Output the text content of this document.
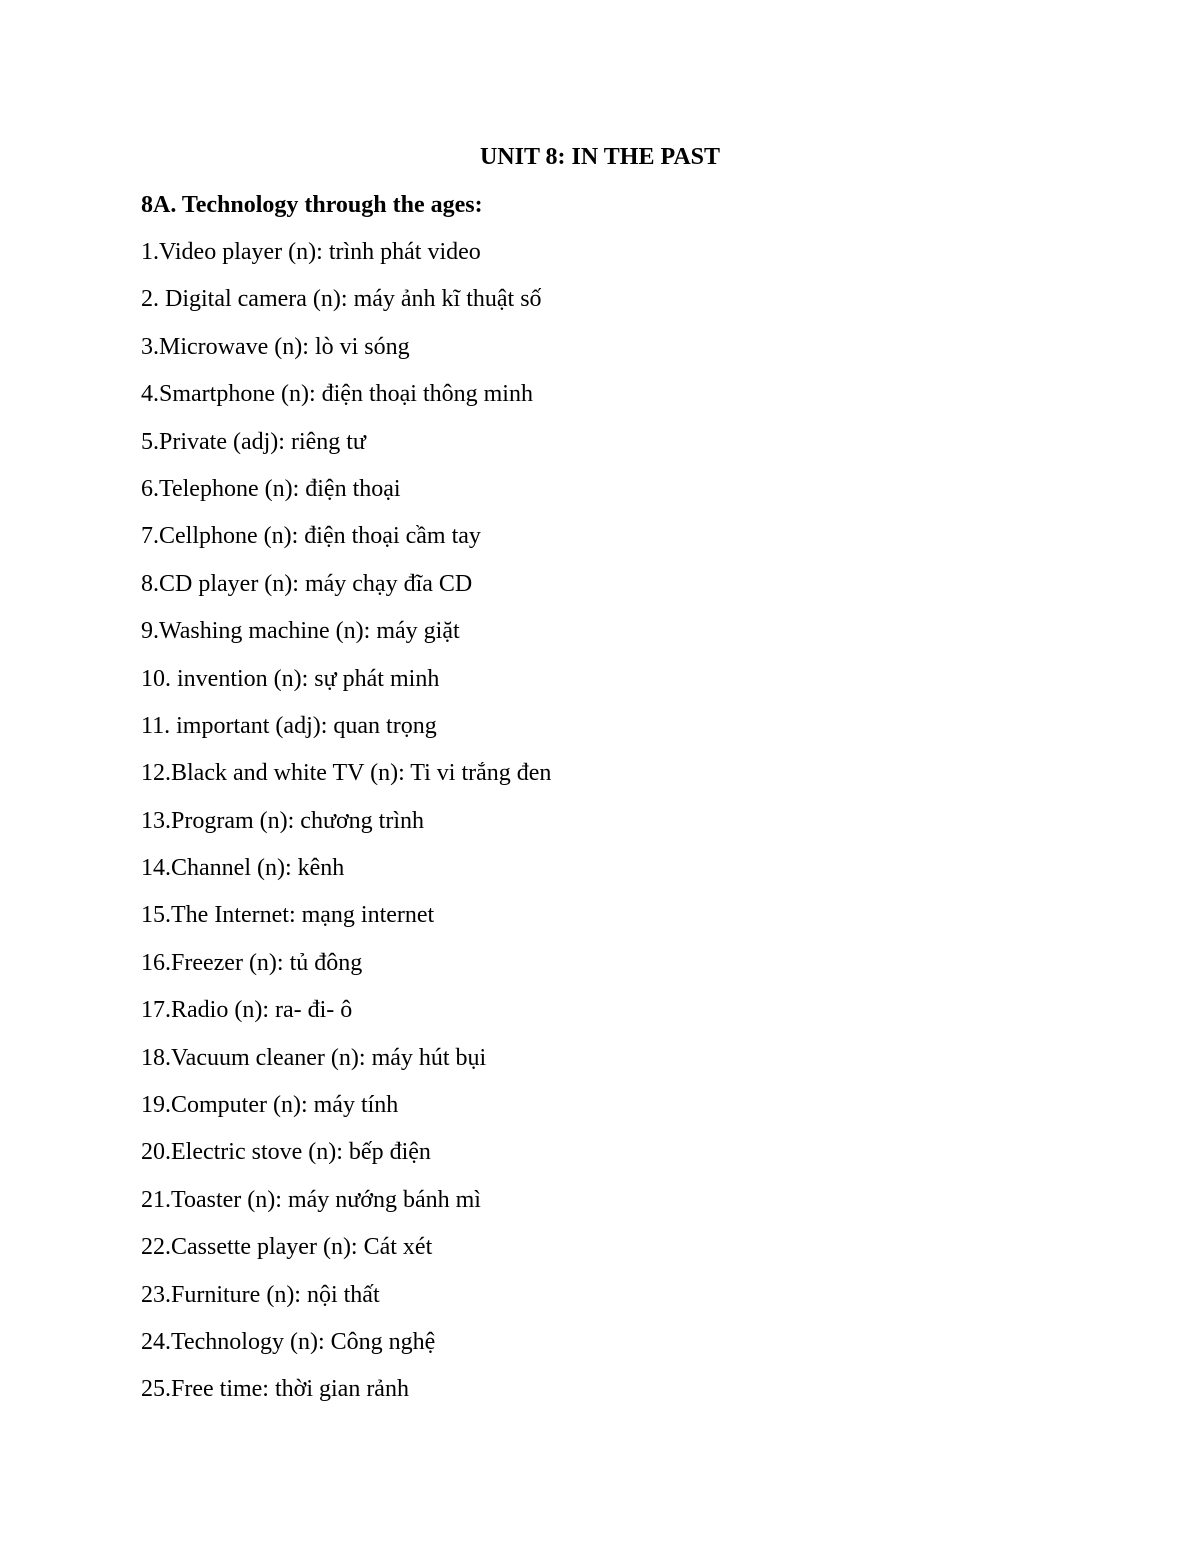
UNIT 8: IN THE PAST
8A. Technology through the ages:
1.Video player (n): trình phát video
2. Digital camera (n): máy ảnh kĩ thuật số
3.Microwave (n): lò vi sóng
4.Smartphone (n): điện thoại thông minh
5.Private (adj): riêng tư
6.Telephone (n): điện thoại
7.Cellphone (n): điện thoại cầm tay
8.CD player (n): máy chạy đĩa CD
9.Washing machine (n): máy giặt
10. invention (n): sự phát minh
11. important (adj): quan trọng
12.Black and white TV (n): Ti vi trắng đen
13.Program (n): chương trình
14.Channel (n): kênh
15.The Internet: mạng internet
16.Freezer (n): tủ đông
17.Radio (n): ra- đi- ô
18.Vacuum cleaner (n): máy hút bụi
19.Computer (n): máy tính
20.Electric stove (n): bếp điện
21.Toaster (n): máy nướng bánh mì
22.Cassette player (n): Cát xét
23.Furniture (n): nội thất
24.Technology (n): Công nghệ
25.Free time: thời gian rảnh
